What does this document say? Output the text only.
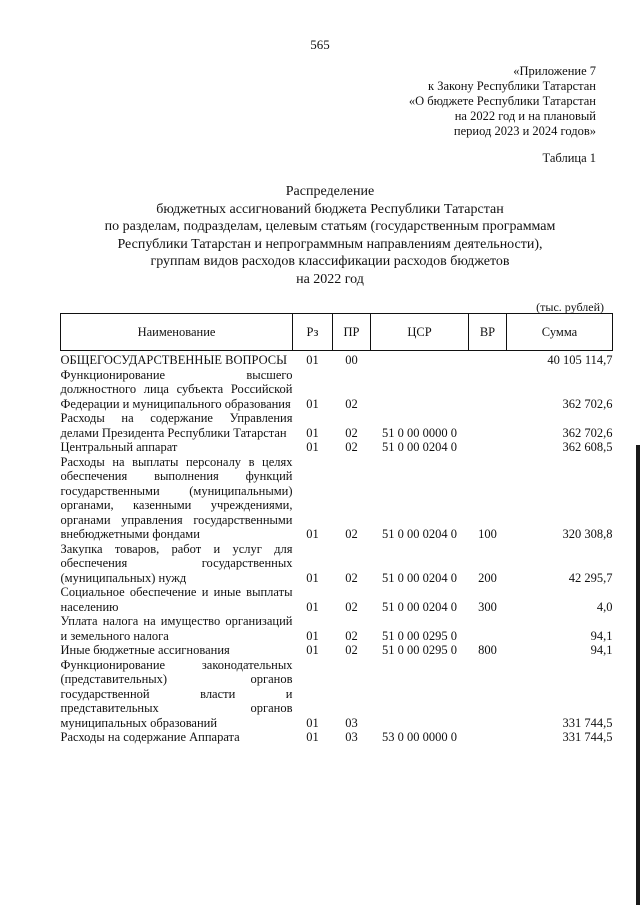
565
«Приложение 7
к Закону Республики Татарстан
«О бюджете Республики Татарстан
на 2022 год и на плановый
период 2023 и 2024 годов»
Таблица 1
Распределение
бюджетных ассигнований бюджета Республики Татарстан
по разделам, подразделам, целевым статьям (государственным программам
Республики Татарстан и непрограммным направлениям деятельности),
группам видов расходов классификации расходов бюджетов
на 2022 год
(тыс. рублей)
Наименование	Рз	ПР	ЦСР	ВР	Сумма
ОБЩЕГОСУДАРСТВЕННЫЕ ВОПРОСЫ	01	00			40 105 114,7
Функционирование высшего должностного лица субъекта Российской Федерации и муниципального образования	01	02			362 702,6
Расходы на содержание Управления делами Президента Республики Татарстан	01	02	51 0 00 0000 0		362 702,6
Центральный аппарат	01	02	51 0 00 0204 0		362 608,5
Расходы на выплаты персоналу в целях обеспечения выполнения функций государственными (муниципальными) органами, казенными учреждениями, органами управления государственными внебюджетными фондами	01	02	51 0 00 0204 0	100	320 308,8
Закупка товаров, работ и услуг для обеспечения государственных (муниципальных) нужд	01	02	51 0 00 0204 0	200	42 295,7
Социальное обеспечение и иные выплаты населению	01	02	51 0 00 0204 0	300	4,0
Уплата налога на имущество организаций и земельного налога	01	02	51 0 00 0295 0		94,1
Иные бюджетные ассигнования	01	02	51 0 00 0295 0	800	94,1
Функционирование законодательных (представительных) органов государственной власти и представительных органов муниципальных образований	01	03			331 744,5
Расходы на содержание Аппарата	01	03	53 0 00 0000 0		331 744,5
